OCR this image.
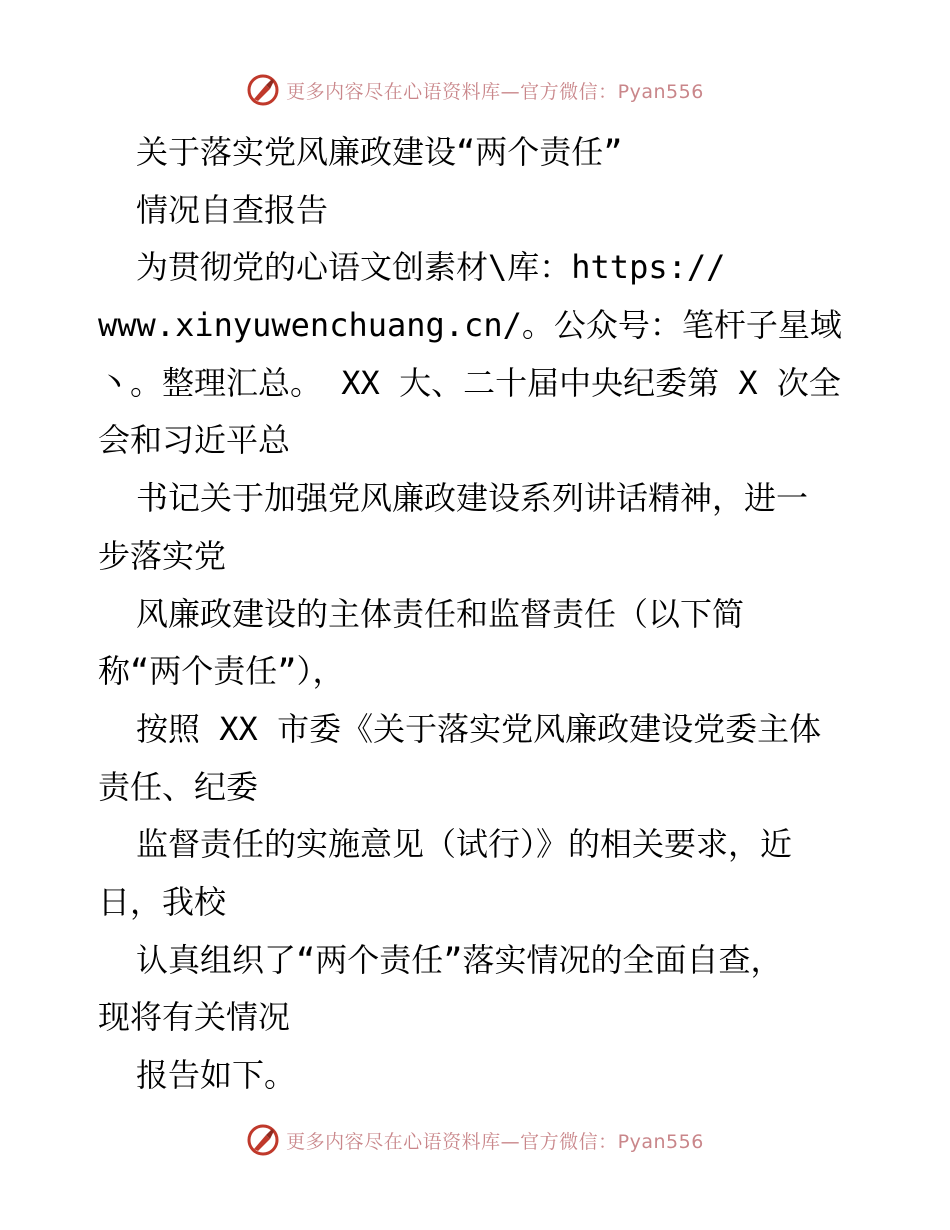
更多内容尽在心语资料库—官方微信：Pyan556
关于落实党风廉政建设“两个责任”
情况自查报告
为贯彻党的心语文创素材\库：https://
www.xinyuwenchuang.cn/。公众号：笔杆子星域
丶。整理汇总。 XX 大、二十届中央纪委第 X 次全
会和习近平总
书记关于加强党风廉政建设系列讲话精神，进一
步落实党
风廉政建设的主体责任和监督责任（以下简
称“两个责任”），
按照 XX 市委《关于落实党风廉政建设党委主体
责任、纪委
监督责任的实施意见（试行）》的相关要求，近
日，我校
认真组织了“两个责任”落实情况的全面自查，
现将有关情况
报告如下。
更多内容尽在心语资料库—官方微信：Pyan556
